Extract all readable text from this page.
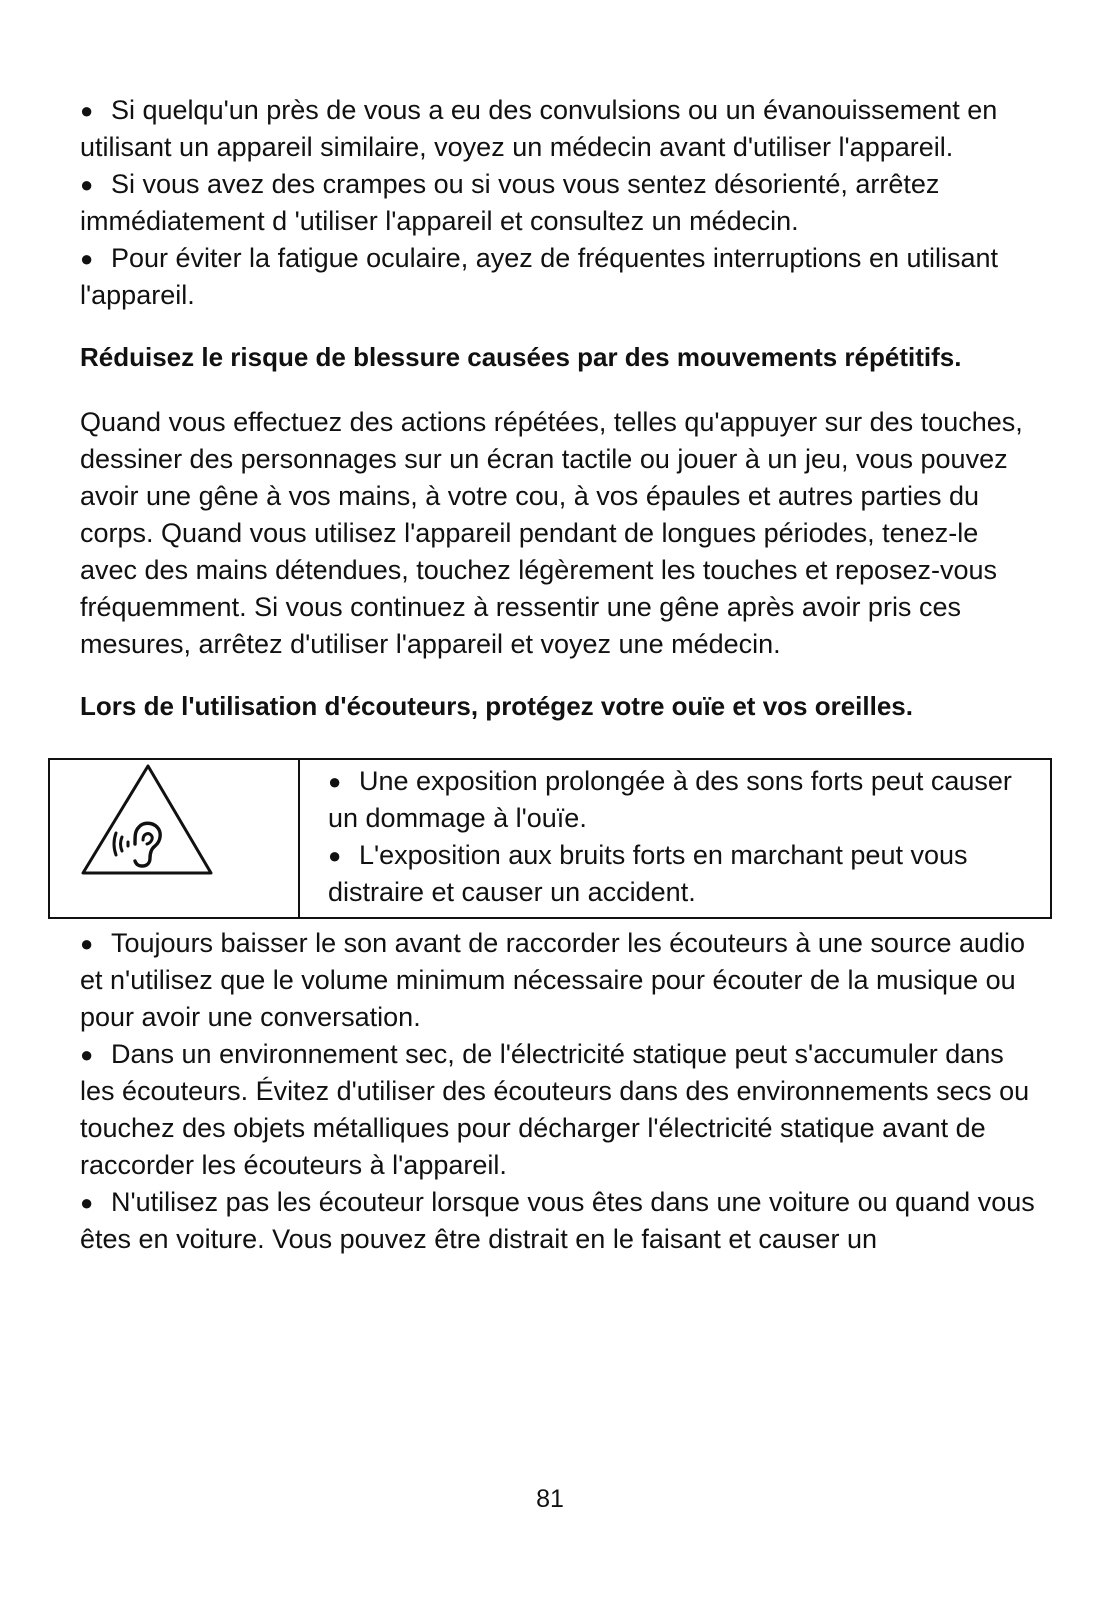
● Si quelqu'un près de vous a eu des convulsions ou un évanouissement en utilisant un appareil similaire, voyez un médecin avant d'utiliser l'appareil.

● Si vous avez des crampes ou si vous vous sentez désorienté, arrêtez immédiatement d 'utiliser l'appareil et consultez un médecin.

● Pour éviter la fatigue oculaire, ayez de fréquentes interruptions en utilisant l'appareil.

Réduisez le risque de blessure causées par des mouvements répétitifs.

Quand vous effectuez des actions répétées, telles qu'appuyer sur des touches, dessiner des personnages sur un écran tactile ou jouer à un jeu, vous pouvez avoir une gêne à vos mains, à votre cou, à vos épaules et autres parties du corps. Quand vous utilisez l'appareil pendant de longues périodes, tenez-le avec des mains détendues, touchez légèrement les touches et reposez-vous fréquemment. Si vous continuez à ressentir une gêne après avoir pris ces mesures, arrêtez d'utiliser l'appareil et voyez une médecin.

Lors de l'utilisation d'écouteurs, protégez votre ouïe et vos oreilles.

● Une exposition prolongée à des sons forts peut causer un dommage à l'ouïe.

● L'exposition aux bruits forts en marchant peut vous distraire et causer un accident.

● Toujours baisser le son avant de raccorder les écouteurs à une source audio et n'utilisez que le volume minimum nécessaire pour écouter de la musique ou pour avoir une conversation.

● Dans un environnement sec, de l'électricité statique peut s'accumuler dans les écouteurs. Évitez d'utiliser des écouteurs dans des environnements secs ou touchez des objets métalliques pour décharger l'électricité statique avant de raccorder les écouteurs à l'appareil.

● N'utilisez pas les écouteur lorsque vous êtes dans une voiture ou quand vous êtes en voiture. Vous pouvez être distrait en le faisant et causer un

81
